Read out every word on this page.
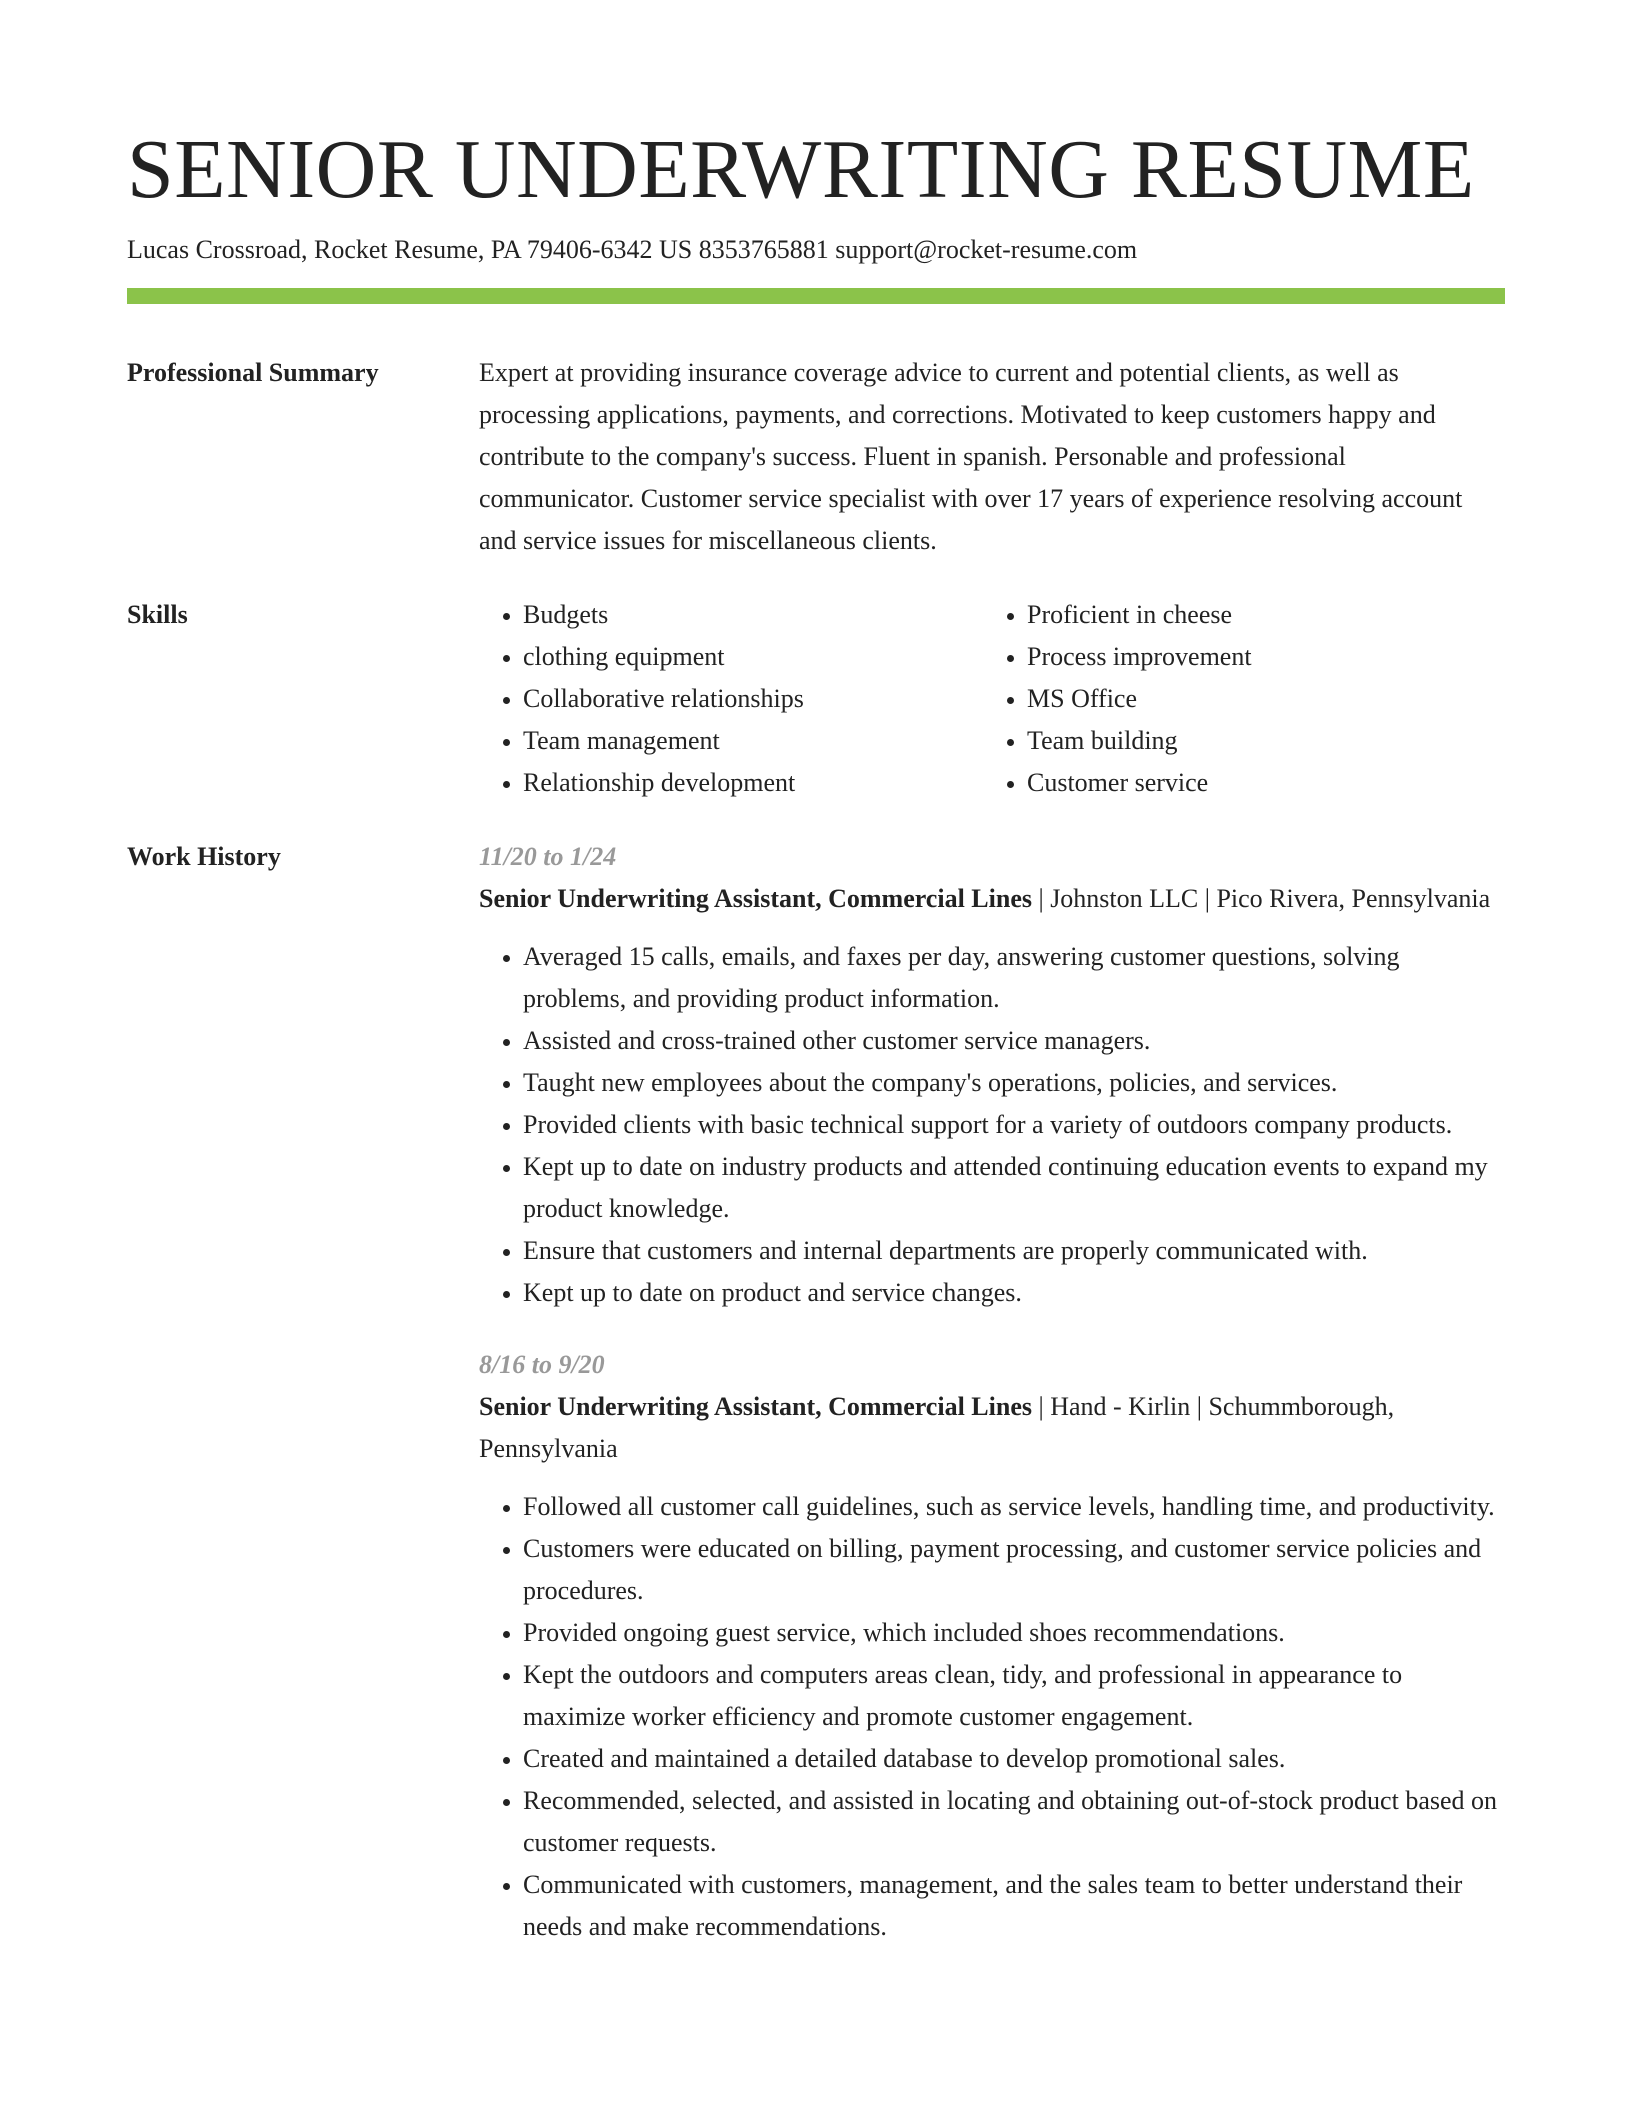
SENIOR UNDERWRITING RESUME
Lucas Crossroad, Rocket Resume, PA 79406-6342 US 8353765881 support@rocket-resume.com
Professional Summary	Expert at providing insurance coverage advice to current and potential clients, as well as processing applications, payments, and corrections. Motivated to keep customers happy and contribute to the company's success. Fluent in spanish. Personable and professional communicator. Customer service specialist with over 17 years of experience resolving account and service issues for miscellaneous clients.

Skills
•	Budgets
• clothing equipment
• Collaborative relationships
• Team management
• Relationship development
• Proficient in cheese
• Process improvement
• MS Office
• Team building
• Customer service
Work History	11/20 to 1/24
Senior Underwriting Assistant, Commercial Lines | Johnston LLC | Pico Rivera, Pennsylvania
• Averaged 15 calls, emails, and faxes per day, answering customer questions, solving problems, and providing product information.
• Assisted and cross-trained other customer service managers.
• Taught new employees about the company's operations, policies, and services.
• Provided clients with basic technical support for a variety of outdoors company products.
• Kept up to date on industry products and attended continuing education events to expand my product knowledge.
• Ensure that customers and internal departments are properly communicated with.
• Kept up to date on product and service changes.
8/16 to 9/20
Senior Underwriting Assistant, Commercial Lines | Hand - Kirlin | Schummborough, Pennsylvania
• Followed all customer call guidelines, such as service levels, handling time, and productivity.
• Customers were educated on billing, payment processing, and customer service policies and procedures.
• Provided ongoing guest service, which included shoes recommendations.
• Kept the outdoors and computers areas clean, tidy, and professional in appearance to maximize worker efficiency and promote customer engagement.
• Created and maintained a detailed database to develop promotional sales.
• Recommended, selected, and assisted in locating and obtaining out-of-stock product based on customer requests.
• Communicated with customers, management, and the sales team to better understand their needs and make recommendations.
